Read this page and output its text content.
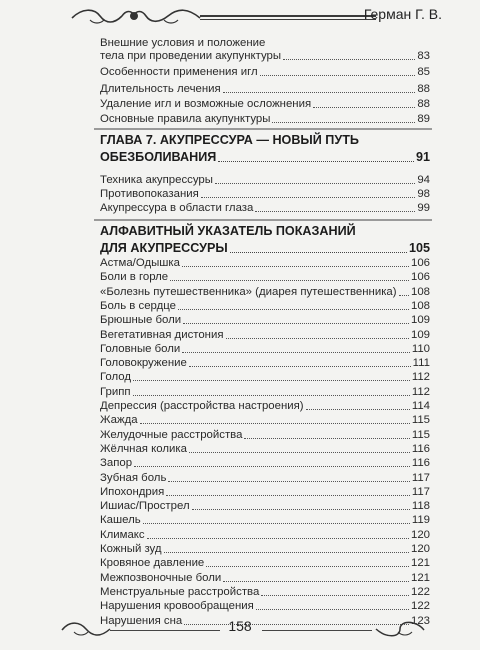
Герман Г. В.
Внешние условия и положение
тела при проведении акупунктуры	83
Особенности применения игл	85
Длительность лечения	88
Удаление игл и возможные осложнения	88
Основные правила акупунктуры	89
ГЛАВА 7. АКУПРЕССУРА — НОВЫЙ ПУТЬ
ОБЕЗБОЛИВАНИЯ	91
Техника акупрессуры	94
Противопоказания	98
Акупрессура в области глаза	99
АЛФАВИТНЫЙ УКАЗАТЕЛЬ ПОКАЗАНИЙ
ДЛЯ АКУПРЕССУРЫ	105
Астма/Одышка	106
Боли в горле	106
«Болезнь путешественника» (диарея путешественника) 108
Боль в сердце	108
Брюшные боли	109
Вегетативная дистония	109
Головные боли	110
Головокружение	111
Голод	112
Грипп	112
Депрессия (расстройства настроения)	114
Жажда	115
Желудочные расстройства	115
Жёлчная колика	116
Запор	116
Зубная боль	117
Ипохондрия	117
Ишиас/Прострел	118
Кашель	119
Климакс	120
Кожный зуд	120
Кровяное давление	121
Межпозвоночные боли	121
Менструальные расстройства	122
Нарушения кровообращения	122
Нарушения сна	123
158
